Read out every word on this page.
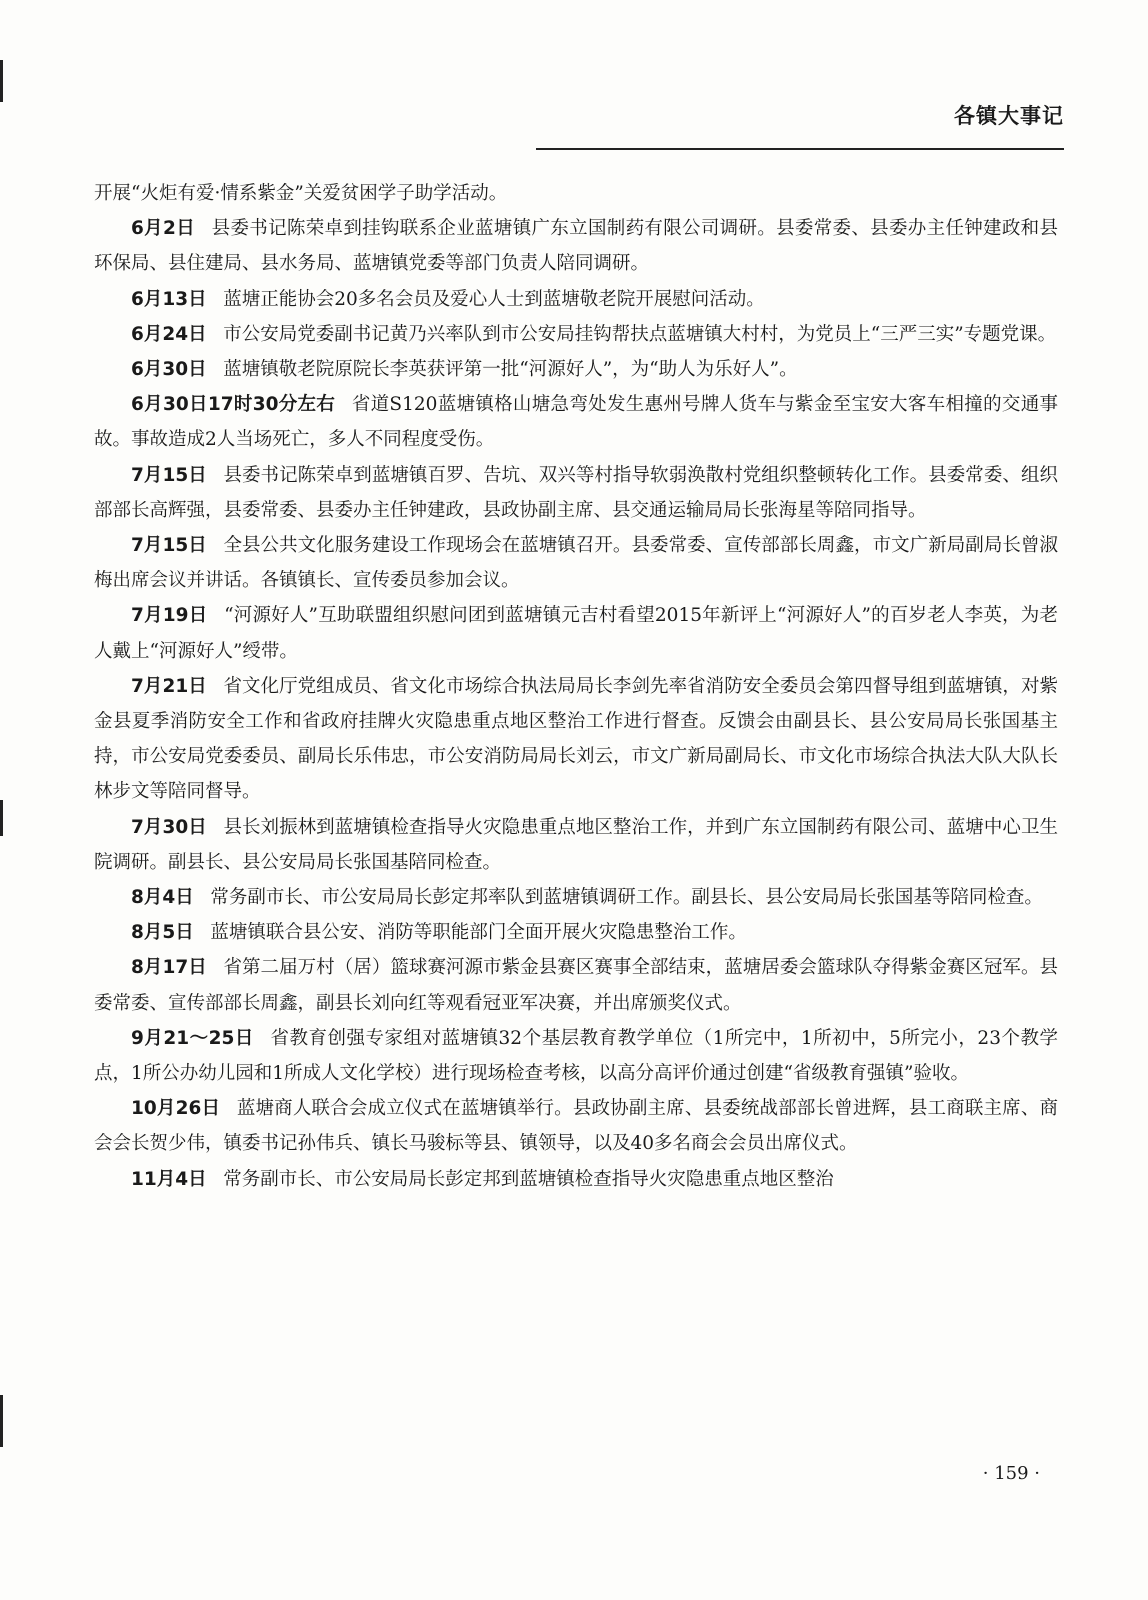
各镇大事记

开展“火炬有爱·情系紫金”关爱贫困学子助学活动。

6月2日 县委书记陈荣卓到挂钩联系企业蓝塘镇广东立国制药有限公司调研。县委常委、县委办主任钟建政和县环保局、县住建局、县水务局、蓝塘镇党委等部门负责人陪同调研。

6月13日 蓝塘正能协会20多名会员及爱心人士到蓝塘敬老院开展慰问活动。

6月24日 市公安局党委副书记黄乃兴率队到市公安局挂钩帮扶点蓝塘镇大村村，为党员上“三严三实”专题党课。

6月30日 蓝塘镇敬老院原院长李英获评第一批“河源好人”，为“助人为乐好人”。

6月30日17时30分左右 省道S120蓝塘镇格山塘急弯处发生惠州号牌人货车与紫金至宝安大客车相撞的交通事故。事故造成2人当场死亡，多人不同程度受伤。

7月15日 县委书记陈荣卓到蓝塘镇百罗、告坑、双兴等村指导软弱涣散村党组织整顿转化工作。县委常委、组织部部长高辉强，县委常委、县委办主任钟建政，县政协副主席、县交通运输局局长张海星等陪同指导。

7月15日 全县公共文化服务建设工作现场会在蓝塘镇召开。县委常委、宣传部部长周鑫，市文广新局副局长曾淑梅出席会议并讲话。各镇镇长、宣传委员参加会议。

7月19日 “河源好人”互助联盟组织慰问团到蓝塘镇元吉村看望2015年新评上“河源好人”的百岁老人李英，为老人戴上“河源好人”绶带。

7月21日 省文化厅党组成员、省文化市场综合执法局局长李剑先率省消防安全委员会第四督导组到蓝塘镇，对紫金县夏季消防安全工作和省政府挂牌火灾隐患重点地区整治工作进行督查。反馈会由副县长、县公安局局长张国基主持，市公安局党委委员、副局长乐伟忠，市公安消防局局长刘云，市文广新局副局长、市文化市场综合执法大队大队长林步文等陪同督导。

7月30日 县长刘振林到蓝塘镇检查指导火灾隐患重点地区整治工作，并到广东立国制药有限公司、蓝塘中心卫生院调研。副县长、县公安局局长张国基陪同检查。

8月4日 常务副市长、市公安局局长彭定邦率队到蓝塘镇调研工作。副县长、县公安局局长张国基等陪同检查。

8月5日 蓝塘镇联合县公安、消防等职能部门全面开展火灾隐患整治工作。

8月17日 省第二届万村（居）篮球赛河源市紫金县赛区赛事全部结束，蓝塘居委会篮球队夺得紫金赛区冠军。县委常委、宣传部部长周鑫，副县长刘向红等观看冠亚军决赛，并出席颁奖仪式。

9月21～25日 省教育创强专家组对蓝塘镇32个基层教育教学单位（1所完中，1所初中，5所完小，23个教学点，1所公办幼儿园和1所成人文化学校）进行现场检查考核，以高分高评价通过创建“省级教育强镇”验收。

10月26日 蓝塘商人联合会成立仪式在蓝塘镇举行。县政协副主席、县委统战部部长曾进辉，县工商联主席、商会会长贺少伟，镇委书记孙伟兵、镇长马骏标等县、镇领导，以及40多名商会会员出席仪式。

11月4日 常务副市长、市公安局局长彭定邦到蓝塘镇检查指导火灾隐患重点地区整治

· 159 ·
